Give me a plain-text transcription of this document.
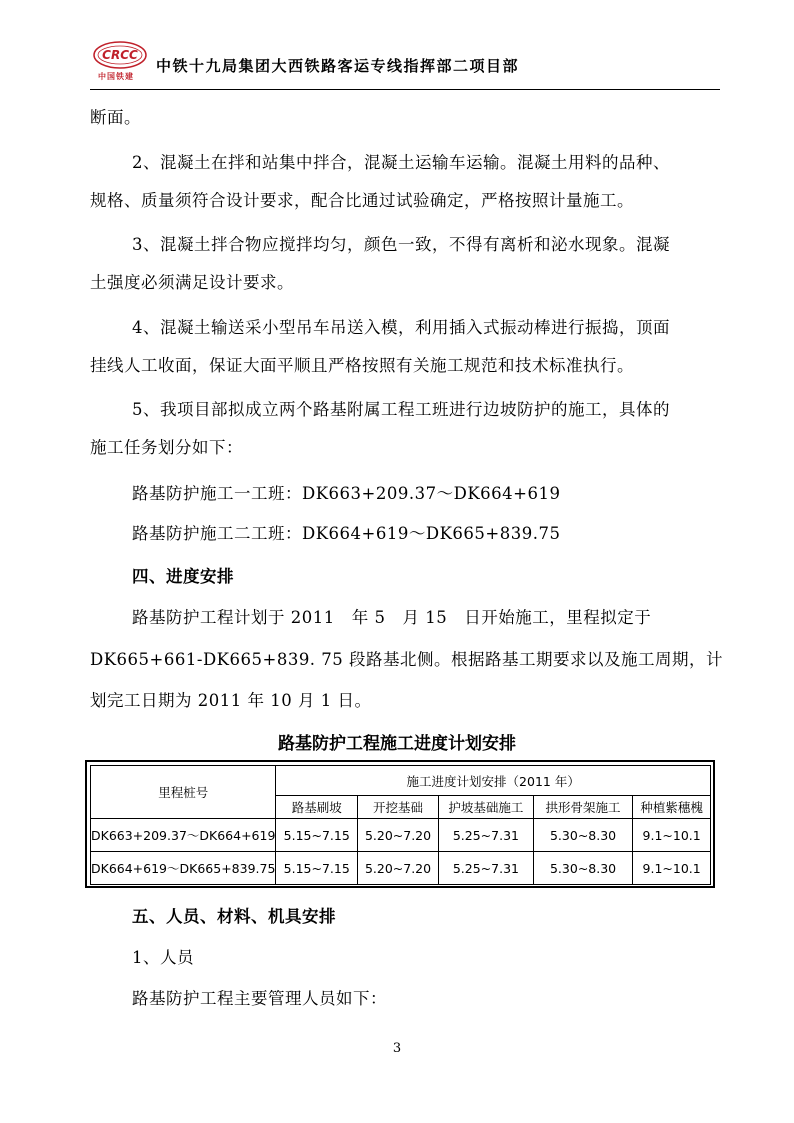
CRCC
中国铁建
中铁十九局集团大西铁路客运专线指挥部二项目部
断面。
2、混凝土在拌和站集中拌合，混凝土运输车运输。混凝土用料的品种、
规格、质量须符合设计要求，配合比通过试验确定，严格按照计量施工。
3、混凝土拌合物应搅拌均匀，颜色一致，不得有离析和泌水现象。混凝
土强度必须满足设计要求。
4、混凝土输送采小型吊车吊送入模，利用插入式振动棒进行振捣，顶面
挂线人工收面，保证大面平顺且严格按照有关施工规范和技术标准执行。
5、我项目部拟成立两个路基附属工程工班进行边坡防护的施工，具体的
施工任务划分如下：
路基防护施工一工班：DK663+209.37～DK664+619
路基防护施工二工班：DK664+619～DK665+839.75
四、进度安排
路基防护工程计划于 2011　年 5　月 15　日开始施工，里程拟定于
DK665+661-DK665+839. 75 段路基北侧。根据路基工期要求以及施工周期，计
划完工日期为 2011 年 10 月 1 日。
路基防护工程施工进度计划安排
里程桩号	施工进度计划安排（2011 年）				
	路基刷坡	开挖基础	护坡基础施工	拱形骨架施工	种植紫穗槐
DK663+209.37～DK664+619	5.15~7.15	5.20~7.20	5.25~7.31	5.30~8.30	9.1~10.1
DK664+619～DK665+839.75	5.15~7.15	5.20~7.20	5.25~7.31	5.30~8.30	9.1~10.1
五、人员、材料、机具安排
1、人员
路基防护工程主要管理人员如下：
3
